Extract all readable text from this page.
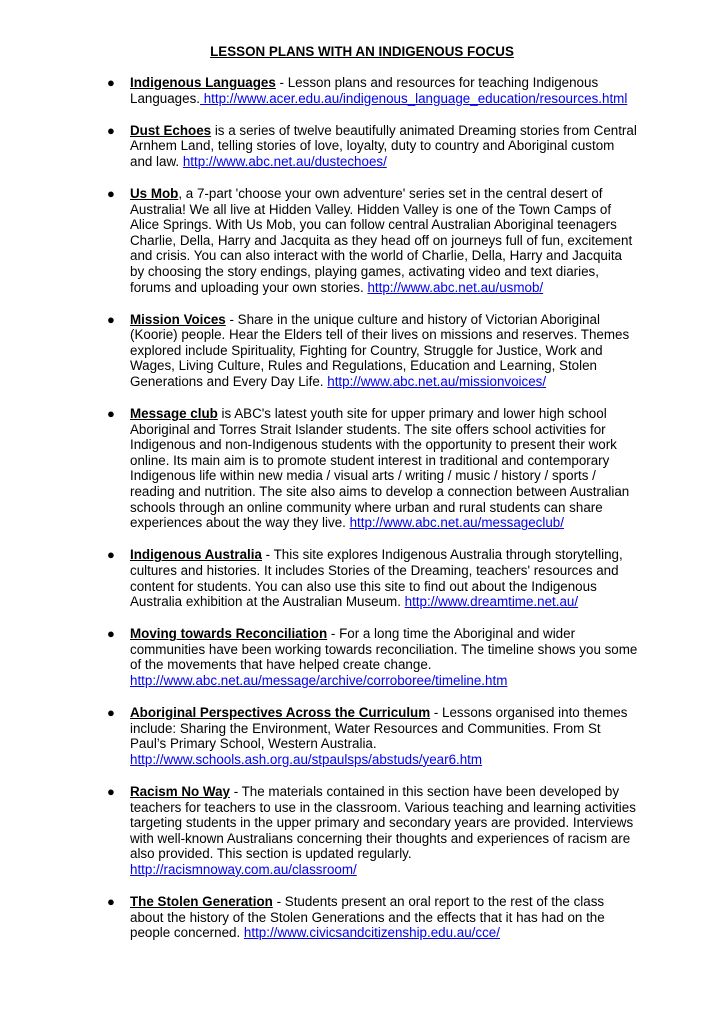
LESSON PLANS WITH AN INDIGENOUS FOCUS
● Indigenous Languages - Lesson plans and resources for teaching Indigenous Languages. http://www.acer.edu.au/indigenous_language_education/resources.html
● Dust Echoes is a series of twelve beautifully animated Dreaming stories from Central Arnhem Land, telling stories of love, loyalty, duty to country and Aboriginal custom and law. http://www.abc.net.au/dustechoes/
● Us Mob, a 7-part 'choose your own adventure' series set in the central desert of Australia! We all live at Hidden Valley. Hidden Valley is one of the Town Camps of Alice Springs. With Us Mob, you can follow central Australian Aboriginal teenagers Charlie, Della, Harry and Jacquita as they head off on journeys full of fun, excitement and crisis. You can also interact with the world of Charlie, Della, Harry and Jacquita by choosing the story endings, playing games, activating video and text diaries, forums and uploading your own stories. http://www.abc.net.au/usmob/
● Mission Voices - Share in the unique culture and history of Victorian Aboriginal (Koorie) people. Hear the Elders tell of their lives on missions and reserves. Themes explored include Spirituality, Fighting for Country, Struggle for Justice, Work and Wages, Living Culture, Rules and Regulations, Education and Learning, Stolen Generations and Every Day Life. http://www.abc.net.au/missionvoices/
● Message club is ABC's latest youth site for upper primary and lower high school Aboriginal and Torres Strait Islander students. The site offers school activities for Indigenous and non-Indigenous students with the opportunity to present their work online. Its main aim is to promote student interest in traditional and contemporary Indigenous life within new media / visual arts / writing / music / history / sports / reading and nutrition. The site also aims to develop a connection between Australian schools through an online community where urban and rural students can share experiences about the way they live. http://www.abc.net.au/messageclub/
● Indigenous Australia - This site explores Indigenous Australia through storytelling, cultures and histories. It includes Stories of the Dreaming, teachers' resources and content for students. You can also use this site to find out about the Indigenous Australia exhibition at the Australian Museum. http://www.dreamtime.net.au/
● Moving towards Reconciliation - For a long time the Aboriginal and wider communities have been working towards reconciliation. The timeline shows you some of the movements that have helped create change. http://www.abc.net.au/message/archive/corroboree/timeline.htm
● Aboriginal Perspectives Across the Curriculum - Lessons organised into themes include: Sharing the Environment, Water Resources and Communities. From St Paul’s Primary School, Western Australia. http://www.schools.ash.org.au/stpaulsps/abstuds/year6.htm
● Racism No Way - The materials contained in this section have been developed by teachers for teachers to use in the classroom. Various teaching and learning activities targeting students in the upper primary and secondary years are provided. Interviews with well-known Australians concerning their thoughts and experiences of racism are also provided. This section is updated regularly. http://racismnoway.com.au/classroom/
● The Stolen Generation - Students present an oral report to the rest of the class about the history of the Stolen Generations and the effects that it has had on the people concerned. http://www.civicsandcitizenship.edu.au/cce/
